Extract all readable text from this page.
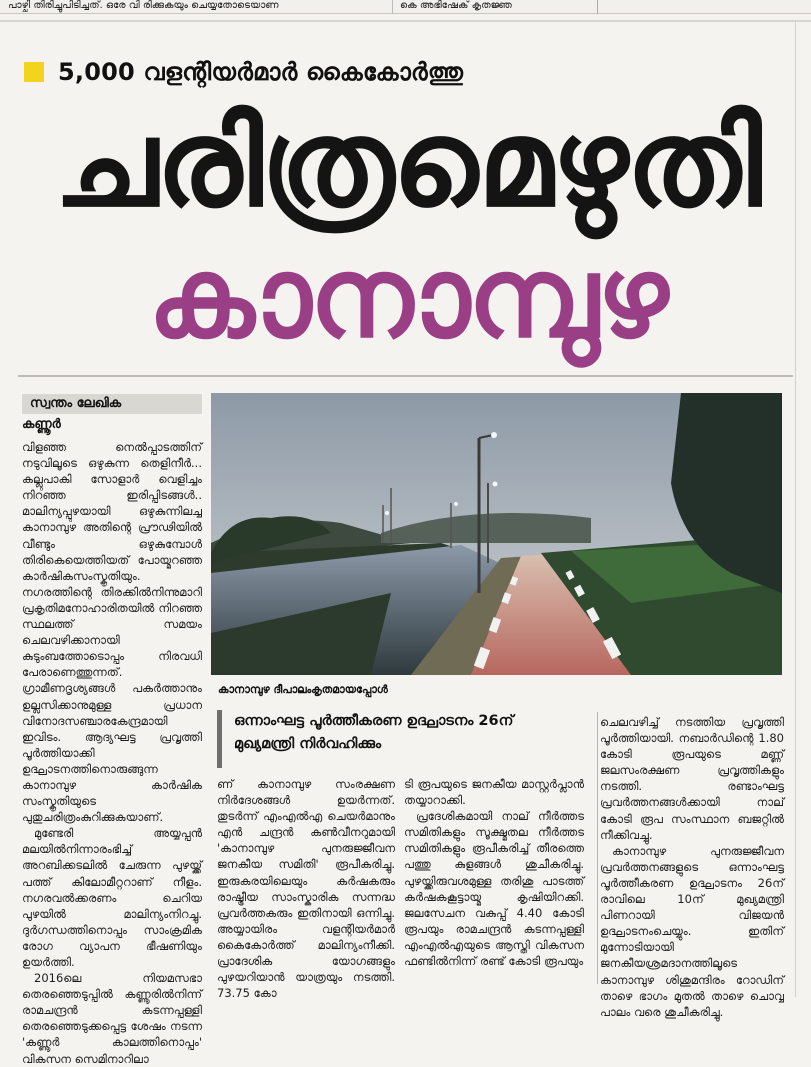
പാഴ്ചി തിരിച്ചുപിടിച്ചത്. ഒരേ വി രിക്കുകയും ചെയ്യതോടെയാണ	കെ അഭിഷേക് കൃതജ്ഞ
5,000 വളന്റിയർമാർ കൈകോർത്തു
ചരിത്രമെഴുതി
കാനാമ്പുഴ
സ്വന്തം ലേഖിക
കണ്ണൂർ

വിളഞ്ഞ നെൽപ്പാടത്തിന് നടുവിലൂടെ ഒഴുകുന്ന തെളിനീർ... കല്ലുപാകി സോളാർ വെളിച്ചം നിറഞ്ഞ ഇരിപ്പിടങ്ങൾ.. മാലിന്യപ്പുഴയായി ഒഴുകുന്നിലച്ച കാനാമ്പുഴ അതിന്റെ പ്രൗഢിയിൽ വീണ്ടും ഒഴുകുമ്പോൾ തിരികെയെത്തിയത് പോയ്മറഞ്ഞ കാർഷികസംസ്കൃതിയും. നഗരത്തിന്റെ തിരക്കിൽനിന്നുമാറി പ്രകൃതിമനോഹാരിതയിൽ നിറഞ്ഞ സ്ഥലത്ത് സമയം ചെലവഴിക്കാനായി കുടുംബത്തോടൊപ്പം നിരവധി പേരാണെത്തുന്നത്. ഗ്രാമീണദൃശ്യങ്ങൾ പകർത്താനും ഉല്ലസിക്കാനുമുള്ള പ്രധാന വിനോദസഞ്ചാരകേന്ദ്രമായി ഇവിടം. ആദ്യഘട്ട പ്രവൃത്തി പൂർത്തിയാക്കി ഉദ്ഘാടനത്തിനൊരുങ്ങുന്ന കാനാമ്പുഴ കാർഷിക സംസ്കൃതിയുടെ പുതുചരിത്രംകുറിക്കുകയാണ്.

മുണ്ടേരി അയ്യപ്പൻ മലയിൽനിന്നാരംഭിച്ച് അറബിക്കടലിൽ ചേരുന്ന പുഴയ്ക്ക് പത്ത് കിലോമീറ്ററാണ് നീളം. നഗരവൽക്കരണം ചെറിയ പുഴയിൽ മാലിന്യംനിറച്ചു. ദുർഗന്ധത്തിനൊപ്പം സാംക്രമിക രോഗ വ്യാപന ഭീഷണിയും ഉയർത്തി.

2016ലെ നിയമസഭാ തെരഞ്ഞെടുപ്പിൽ കണ്ണൂരിൽനിന്ന് രാമചന്ദ്രൻ കടന്നപ്പള്ളി തെരഞ്ഞെടുക്കപ്പെട്ട ശേഷം നടന്ന 'കണ്ണൂർ കാലത്തിനൊപ്പം' വികസന സെമിനാറിലാ

കാനാമ്പുഴ ദീപാലംകൃതമായപ്പോൾ
ഒന്നാംഘട്ട പൂർത്തീകരണ ഉദ്ഘാടനം 26ന്
മുഖ്യമന്ത്രി നിർവഹിക്കും

ണ് കാനാമ്പുഴ സംരക്ഷണ നിർദേശങ്ങൾ ഉയർന്നത്. തുടർന്ന് എംഎൽഎ ചെയർമാനും എൻ ചന്ദ്രൻ കൺവീനറുമായി 'കാനാമ്പുഴ പുനരുജ്ജീവന ജനകീയ സമിതി' രൂപീകരിച്ചു. ഇരുകരയിലെയും കർഷകരും രാഷ്ട്രീയ സാംസ്കാരിക സന്നദ്ധ പ്രവർത്തകരും ഇതിനായി ഒന്നിച്ചു. അയ്യായിരം വളന്റിയർമാർ കൈകോർത്ത് മാലിന്യംനീക്കി. പ്രാദേശിക യോഗങ്ങളും പുഴയറിയാൻ യാത്രയും നടത്തി. 73.75 കോ

ടി രൂപയുടെ ജനകീയ മാസ്റ്റർപ്ലാൻ തയ്യാറാക്കി.

പ്രദേശികമായി നാല് നീർത്തട സമിതികളും സൂക്ഷ്മതല നീർത്തട സമിതികളും രൂപീകരിച്ച് തീരത്തെ പത്തു കുളങ്ങൾ ശുചീകരിച്ചു. പുഴയ്ക്കിരുവശമുള്ള തരിശു പാടത്ത് കർഷകകൂട്ടായ്മ കൃഷിയിറക്കി. ജലസേചന വകുപ്പ് 4.40 കോടി രൂപയും രാമചന്ദ്രൻ കടന്നപ്പള്ളി എംഎൽഎയുടെ ആസ്തി വികസന ഫണ്ടിൽനിന്ന് രണ്ട് കോടി രൂപയും

ചെലവഴിച്ച് നടത്തിയ പ്രവൃത്തി പൂർത്തിയായി. നബാർഡിന്റെ 1.80 കോടി രൂപയുടെ മണ്ണ് ജലസംരക്ഷണ പ്രവൃത്തികളും നടത്തി. രണ്ടാംഘട്ട പ്രവർത്തനങ്ങൾക്കായി നാല് കോടി രൂപ സംസ്ഥാന ബജറ്റിൽ നീക്കിവച്ചു.

കാനാമ്പുഴ പുനരുജ്ജീവന പ്രവർത്തനങ്ങളുടെ ഒന്നാംഘട്ട പൂർത്തീകരണ ഉദ്ഘാടനം 26ന് രാവിലെ 10ന് മുഖ്യമന്ത്രി പിണറായി വിജയൻ ഉദ്ഘാടനംചെയ്യും. ഇതിന് മുന്നോടിയായി ജനകീയശ്രമദാനത്തിലൂടെ കാനാമ്പുഴ ശിശുമന്ദിരം റോഡിന് താഴെ ഭാഗം മുതൽ താഴെ ചൊവ്വ പാലം വരെ ശുചീകരിച്ചു.
